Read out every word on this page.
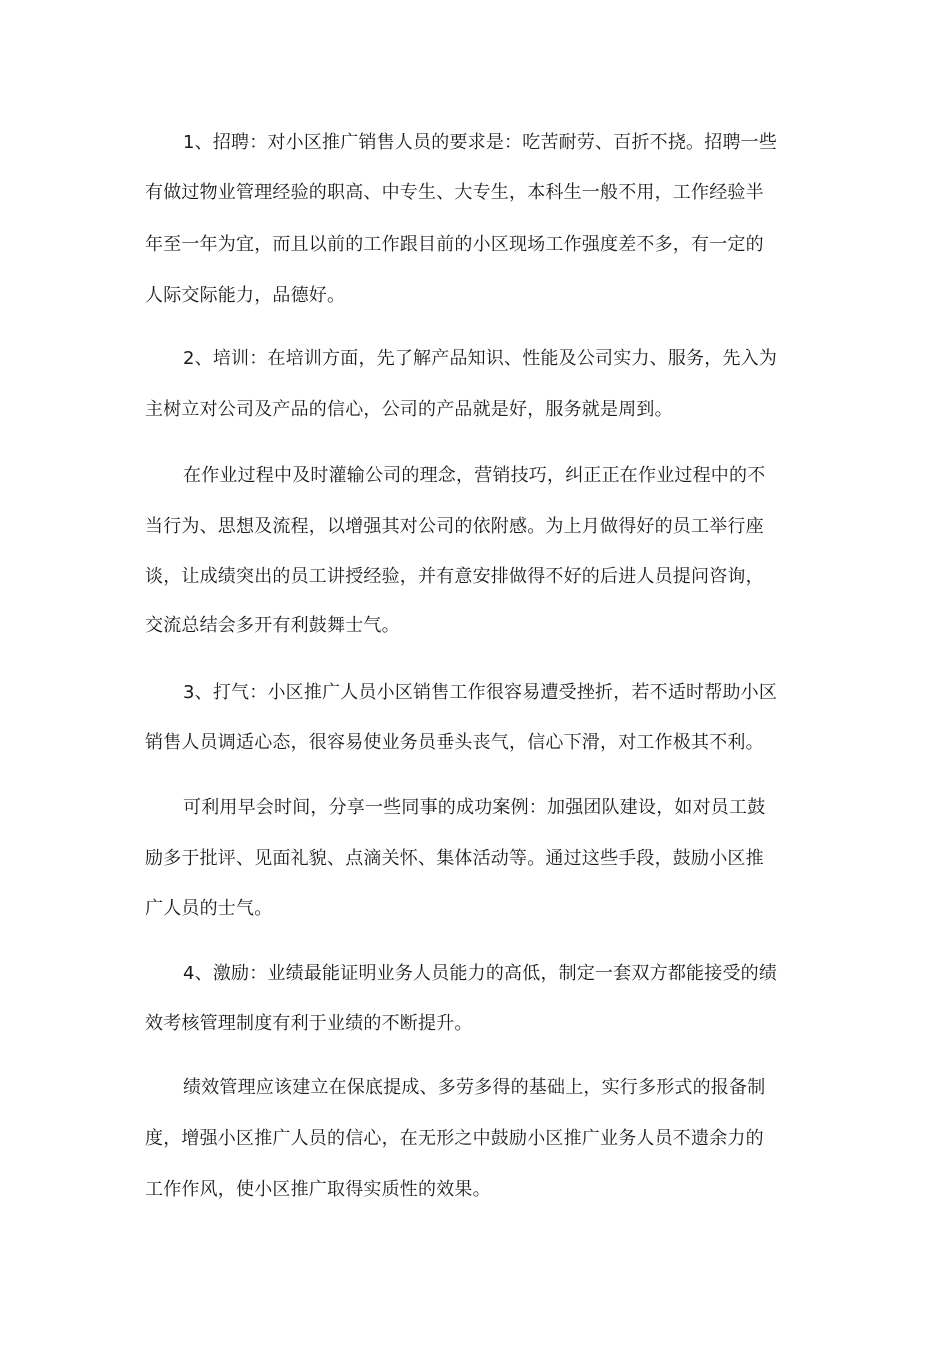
1、招聘：对小区推广销售人员的要求是：吃苦耐劳、百折不挠。招聘一些
有做过物业管理经验的职高、中专生、大专生，本科生一般不用，工作经验半
年至一年为宜，而且以前的工作跟目前的小区现场工作强度差不多，有一定的
人际交际能力，品德好。
2、培训：在培训方面，先了解产品知识、性能及公司实力、服务，先入为
主树立对公司及产品的信心，公司的产品就是好，服务就是周到。
在作业过程中及时灌输公司的理念，营销技巧，纠正正在作业过程中的不
当行为、思想及流程，以增强其对公司的依附感。为上月做得好的员工举行座
谈，让成绩突出的员工讲授经验，并有意安排做得不好的后进人员提问咨询，
交流总结会多开有利鼓舞士气。
3、打气：小区推广人员小区销售工作很容易遭受挫折，若不适时帮助小区
销售人员调适心态，很容易使业务员垂头丧气，信心下滑，对工作极其不利。
可利用早会时间，分享一些同事的成功案例：加强团队建设，如对员工鼓
励多于批评、见面礼貌、点滴关怀、集体活动等。通过这些手段，鼓励小区推
广人员的士气。
4、激励：业绩最能证明业务人员能力的高低，制定一套双方都能接受的绩
效考核管理制度有利于业绩的不断提升。
绩效管理应该建立在保底提成、多劳多得的基础上，实行多形式的报备制
度，增强小区推广人员的信心，在无形之中鼓励小区推广业务人员不遗余力的
工作作风，使小区推广取得实质性的效果。
